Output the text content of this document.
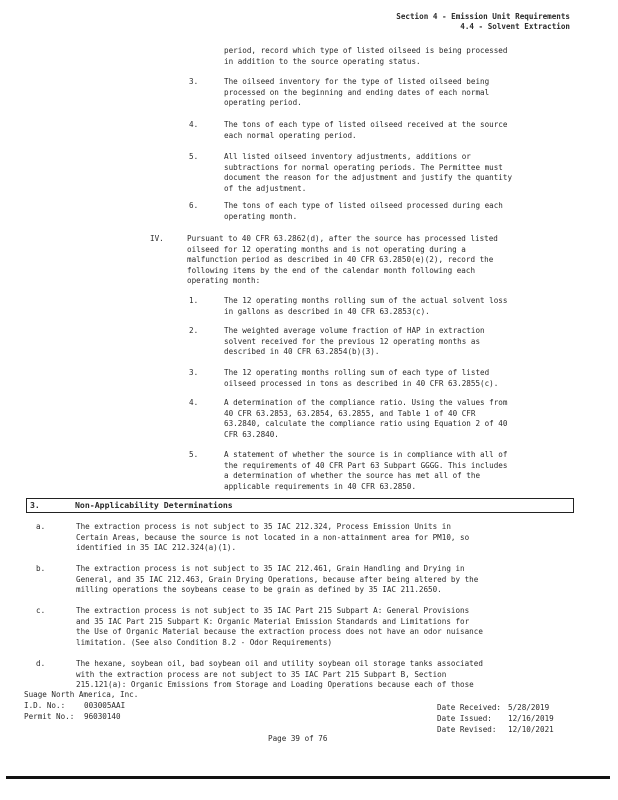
Section 4 - Emission Unit Requirements
4.4 - Solvent Extraction
period, record which type of listed oilseed is being processed
in addition to the source operating status.
3.	The oilseed inventory for the type of listed oilseed being
processed on the beginning and ending dates of each normal
operating period.
4.	The tons of each type of listed oilseed received at the source
each normal operating period.
5.	All listed oilseed inventory adjustments, additions or
subtractions for normal operating periods. The Permittee must
document the reason for the adjustment and justify the quantity
of the adjustment.
6.	The tons of each type of listed oilseed processed during each
operating month.
IV.	Pursuant to 40 CFR 63.2862(d), after the source has processed listed
oilseed for 12 operating months and is not operating during a
malfunction period as described in 40 CFR 63.2850(e)(2), record the
following items by the end of the calendar month following each
operating month:
1.	The 12 operating months rolling sum of the actual solvent loss
in gallons as described in 40 CFR 63.2853(c).
2.	The weighted average volume fraction of HAP in extraction
solvent received for the previous 12 operating months as
described in 40 CFR 63.2854(b)(3).
3.	The 12 operating months rolling sum of each type of listed
oilseed processed in tons as described in 40 CFR 63.2855(c).
4.	A determination of the compliance ratio. Using the values from
40 CFR 63.2853, 63.2854, 63.2855, and Table 1 of 40 CFR
63.2840, calculate the compliance ratio using Equation 2 of 40
CFR 63.2840.
5.	A statement of whether the source is in compliance with all of
the requirements of 40 CFR Part 63 Subpart GGGG. This includes
a determination of whether the source has met all of the
applicable requirements in 40 CFR 63.2850.
3.	Non-Applicability Determinations
a.	The extraction process is not subject to 35 IAC 212.324, Process Emission Units in
Certain Areas, because the source is not located in a non-attainment area for PM10, so
identified in 35 IAC 212.324(a)(1).
b.	The extraction process is not subject to 35 IAC 212.461, Grain Handling and Drying in
General, and 35 IAC 212.463, Grain Drying Operations, because after being altered by the
milling operations the soybeans cease to be grain as defined by 35 IAC 211.2650.
c.	The extraction process is not subject to 35 IAC Part 215 Subpart A: General Provisions
and 35 IAC Part 215 Subpart K: Organic Material Emission Standards and Limitations for
the Use of Organic Material because the extraction process does not have an odor nuisance
limitation. (See also Condition 8.2 - Odor Requirements)
d.	The hexane, soybean oil, bad soybean oil and utility soybean oil storage tanks associated
with the extraction process are not subject to 35 IAC Part 215 Subpart B, Section
215.121(a): Organic Emissions from Storage and Loading Operations because each of those
Suage North America, Inc.
I.D. No.: 003005AAI
Permit No.: 96030140
Date Received: 5/28/2019
Date Issued: 12/16/2019
Date Revised: 12/10/2021
Page 39 of 76
